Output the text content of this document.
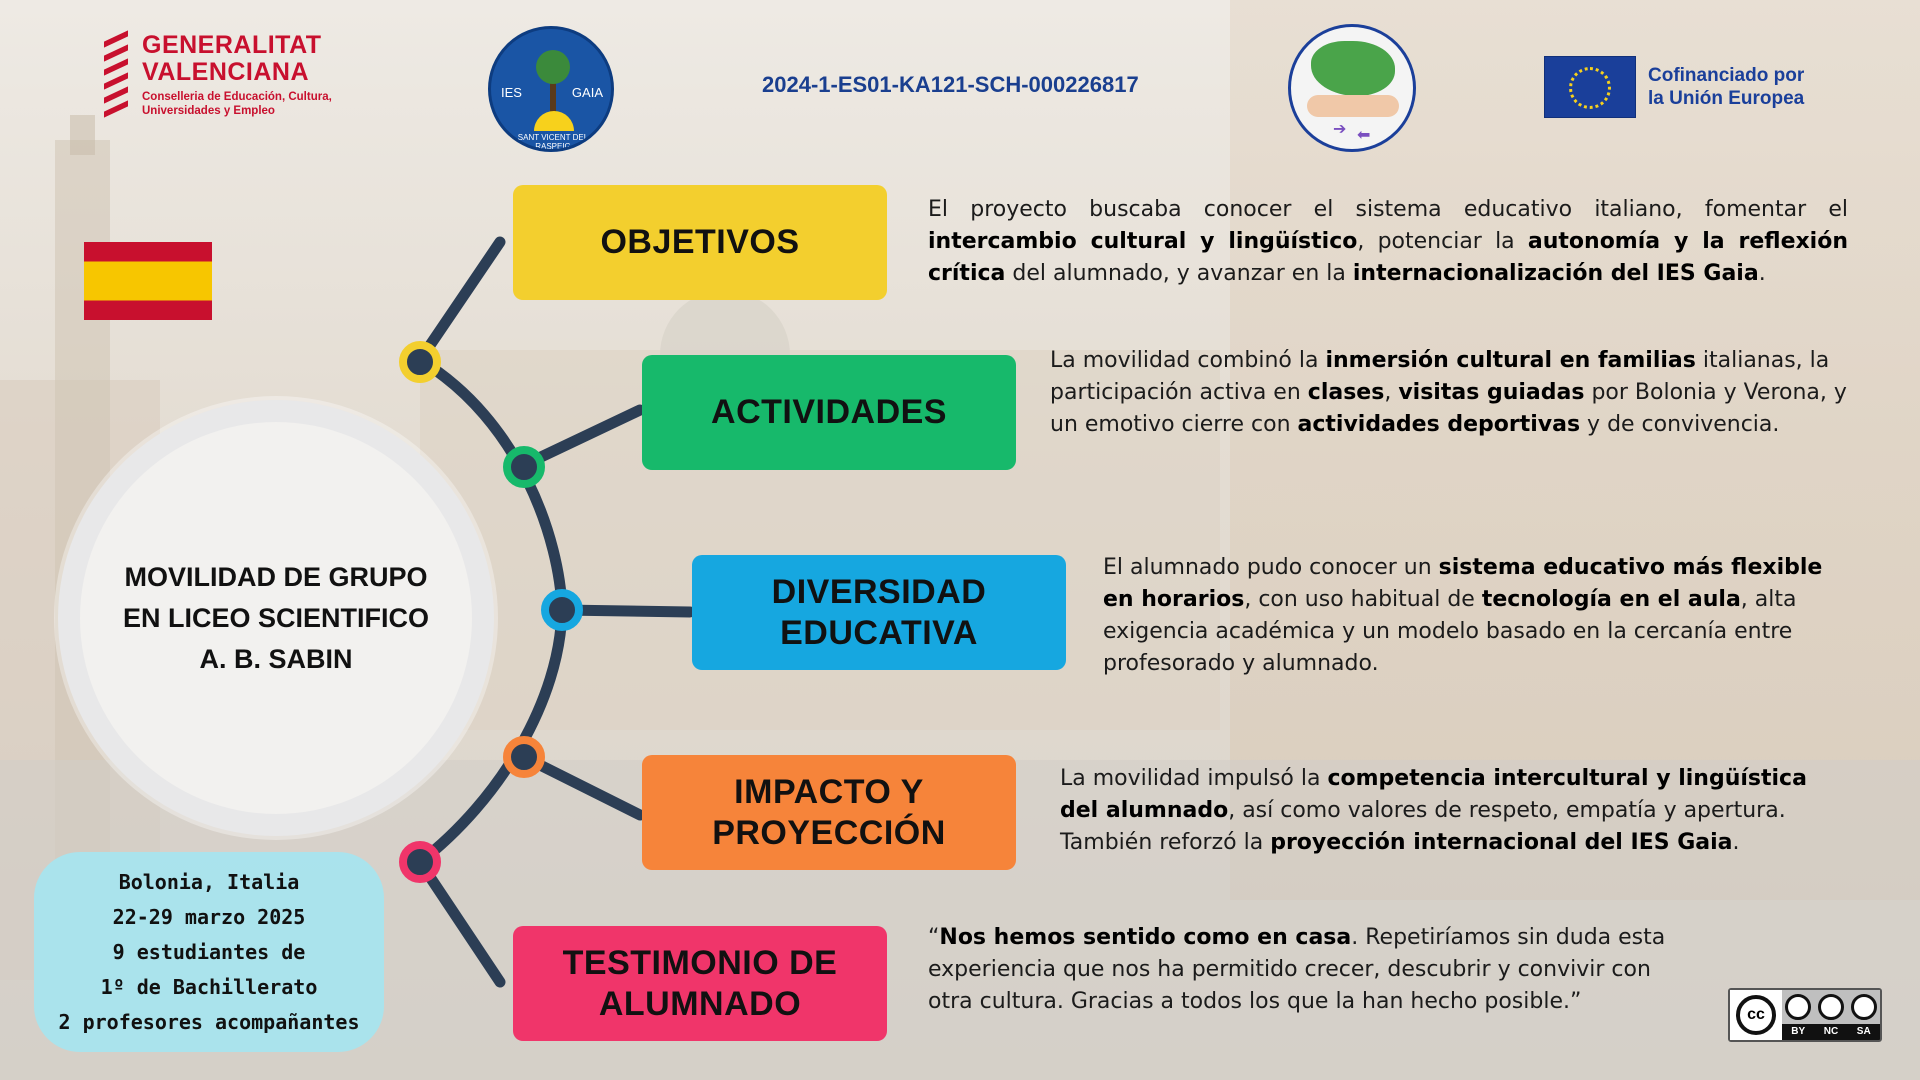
GENERALITAT
VALENCIANA
Conselleria de Educación, Cultura,
Universidades y Empleo
IES	GAIA
SANT VICENT DEL RASPEIG
2024-1-ES01-KA121-SCH-000226817
➔ ⬅
Cofinanciado por
la Unión Europea
MOVILIDAD DE GRUPO
EN LICEO SCIENTIFICO
A. B. SABIN
Bolonia, Italia
22-29 marzo 2025
9 estudiantes de
1º de Bachillerato
2 profesores acompañantes
OBJETIVOS
ACTIVIDADES
DIVERSIDAD
EDUCATIVA
IMPACTO Y
PROYECCIÓN
TESTIMONIO DE
ALUMNADO

El proyecto buscaba conocer el sistema educativo italiano, fomentar el intercambio cultural y lingüístico, potenciar la autonomía y la reflexión crítica del alumnado, y avanzar en la internacionalización del IES Gaia.

La movilidad combinó la inmersión cultural en familias italianas, la participación activa en clases, visitas guiadas por Bolonia y Verona, y un emotivo cierre con actividades deportivas y de convivencia.

El alumnado pudo conocer un sistema educativo más flexible en horarios, con uso habitual de tecnología en el aula, alta exigencia académica y un modelo basado en la cercanía entre profesorado y alumnado.

La movilidad impulsó la competencia intercultural y lingüística del alumnado, así como valores de respeto, empatía y apertura. También reforzó la proyección internacional del IES Gaia.

“Nos hemos sentido como en casa. Repetiríamos sin duda esta experiencia que nos ha permitido crecer, descubrir y convivir con otra cultura. Gracias a todos los que la han hecho posible.”

cc
BY NC SA
